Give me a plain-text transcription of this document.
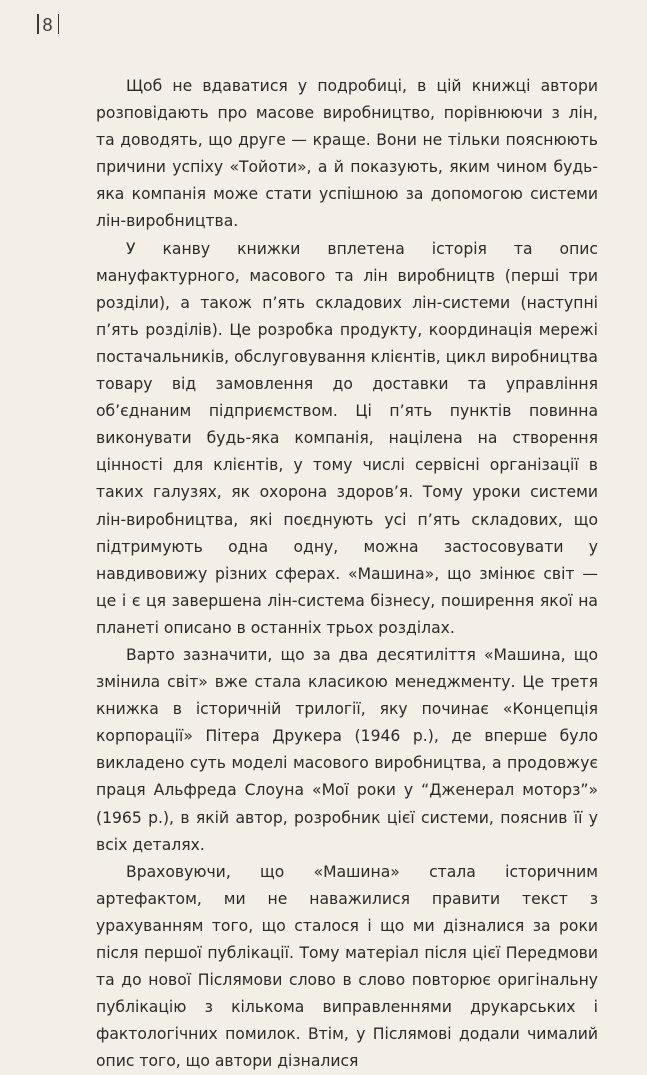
8

Щоб не вдаватися у подробиці, в цій книжці автори розповідають про масове виробництво, порівнюючи з лін, та доводять, що друге — краще. Вони не тільки пояснюють причини успіху «Тойоти», а й показують, яким чином будь-яка компанія може стати успішною за допомогою системи лін-виробництва.

У канву книжки вплетена історія та опис мануфактурного, масового та лін виробництв (перші три розділи), а також п’ять складових лін-системи (наступні п’ять розділів). Це розробка продукту, координація мережі постачальників, обслуговування клієнтів, цикл виробництва товару від замовлення до доставки та управління об’єднаним підприємством. Ці п’ять пунктів повинна виконувати будь-яка компанія, націлена на створення цінності для клієнтів, у тому числі сервісні організації в таких галузях, як охорона здоров’я. Тому уроки системи лін-виробництва, які поєднують усі п’ять складових, що підтримують одна одну, можна застосовувати у навдивовижу різних сферах. «Машина», що змінює світ — це і є ця завершена лін-система бізнесу, поширення якої на планеті описано в останніх трьох розділах.

Варто зазначити, що за два десятиліття «Машина, що змінила світ» вже стала класикою менеджменту. Це третя книжка в історичній трилогії, яку починає «Концепція корпорації» Пітера Друкера (1946 р.), де вперше було викладено суть моделі масового виробництва, а продовжує праця Альфреда Слоуна «Мої роки у “Дженерал моторз”» (1965 р.), в якій автор, розробник цієї системи, пояснив її у всіх деталях.

Враховуючи, що «Машина» стала історичним артефактом, ми не наважилися правити текст з урахуванням того, що сталося і що ми дізналися за роки після першої публікації. Тому матеріал після цієї Передмови та до нової Післямови слово в слово повторює оригінальну публікацію з кількома виправленнями друкарських і фактологічних помилок. Втім, у Післямові додали чималий опис того, що автори дізналися
